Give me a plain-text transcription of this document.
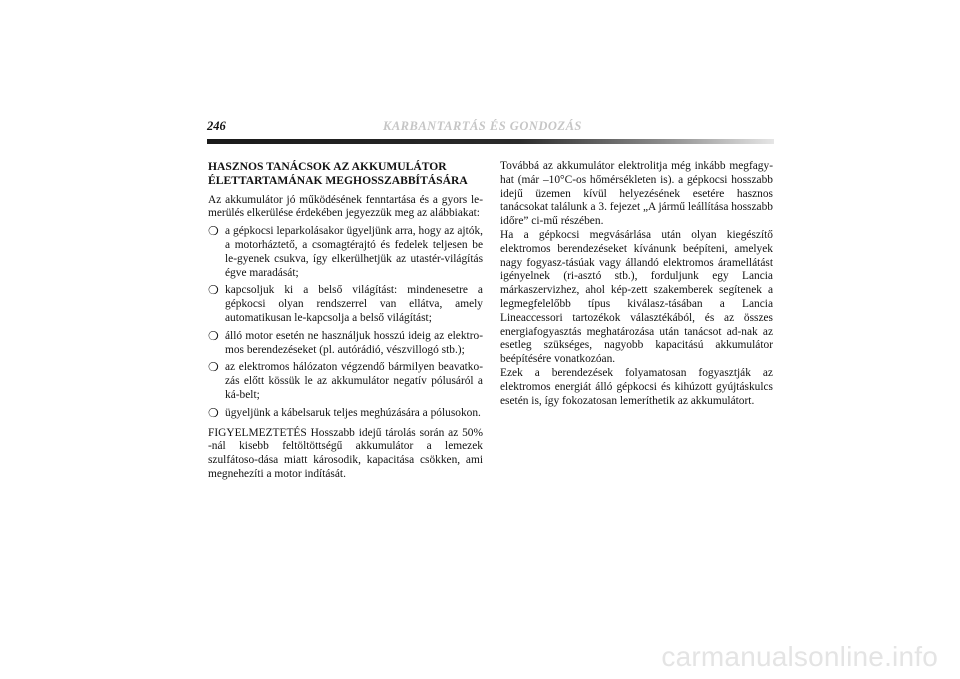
246	KARBANTARTÁS ÉS GONDOZÁS
HASZNOS TANÁCSOK AZ AKKUMULÁTOR
ÉLETTARTAMÁNAK MEGHOSSZABBÍTÁSÁRA

Az akkumulátor jó működésének fenntartása és a gyors le-merülés elkerülése érdekében jegyezzük meg az alábbiakat:

❍ a gépkocsi leparkolásakor ügyeljünk arra, hogy az ajtók, a motorháztető, a csomagtérajtó és fedelek teljesen be le-gyenek csukva, így elkerülhetjük az utastér-világítás égve maradását;
❍ kapcsoljuk ki a belső világítást: mindenesetre a gépkocsi olyan rendszerrel van ellátva, amely automatikusan le-kapcsolja a belső világítást;
❍ álló motor esetén ne használjuk hosszú ideig az elektro-mos berendezéseket (pl. autórádió, vészvillogó stb.);
❍ az elektromos hálózaton végzendő bármilyen beavatko-zás előtt kössük le az akkumulátor negatív pólusáról a ká-belt;
❍ ügyeljünk a kábelsaruk teljes meghúzására a pólusokon.

FIGYELMEZTETÉS Hosszabb idejű tárolás során az 50% -nál kisebb feltöltöttségű akkumulátor a lemezek szulfátoso-dása miatt károsodik, kapacitása csökken, ami megnehezíti a motor indítását.

Továbbá az akkumulátor elektrolitja még inkább megfagy-hat (már –10°C-os hőmérsékleten is). a gépkocsi hosszabb idejű üzemen kívül helyezésének esetére hasznos tanácsokat találunk a 3. fejezet „A jármű leállítása hosszabb időre” ci-mű részében.

Ha a gépkocsi megvásárlása után olyan kiegészítő elektromos berendezéseket kívánunk beépíteni, amelyek nagy fogyasz-tásúak vagy állandó elektromos áramellátást igényelnek (ri-asztó stb.), forduljunk egy Lancia márkaszervizhez, ahol kép-zett szakemberek segítenek a legmegfelelőbb típus kiválasz-tásában a Lancia Lineaccessori tartozékok választékából, és az összes energiafogyasztás meghatározása után tanácsot ad-nak az esetleg szükséges, nagyobb kapacitású akkumulátor beépítésére vonatkozóan.

Ezek a berendezések folyamatosan fogyasztják az elektromos energiát álló gépkocsi és kihúzott gyújtáskulcs esetén is, így fokozatosan lemeríthetik az akkumulátort.

carmanualsonline.info
